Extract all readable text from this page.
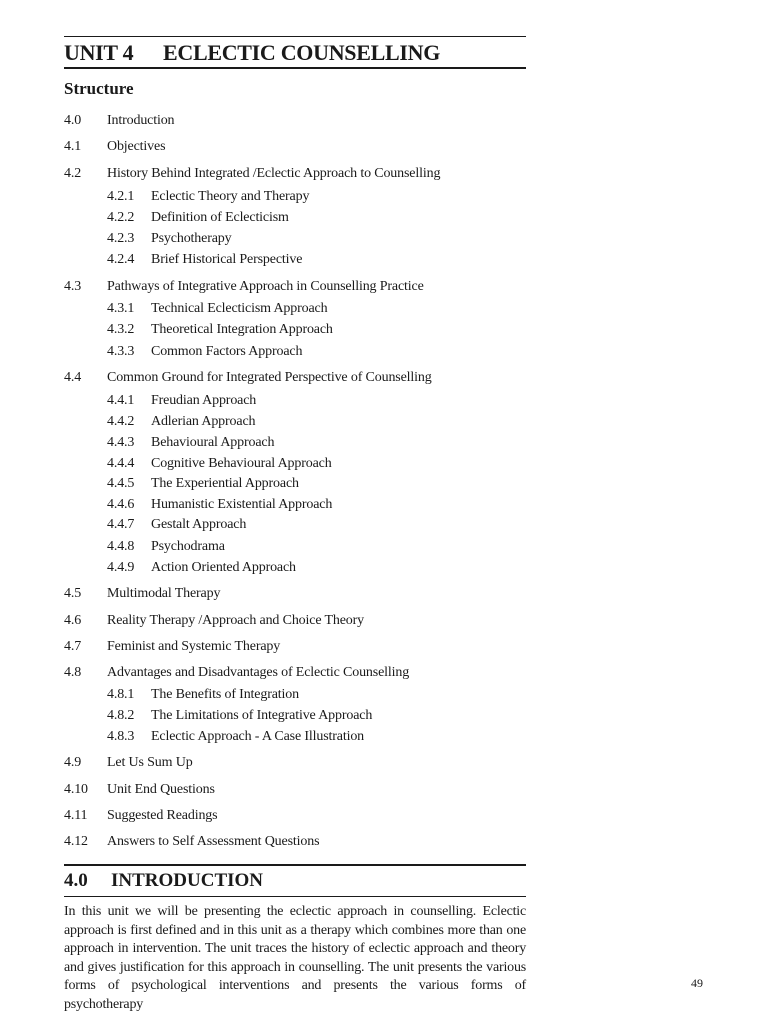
UNIT 4 ECLECTIC COUNSELLING
Structure
4.0 Introduction
4.1 Objectives
4.2 History Behind Integrated /Eclectic Approach to Counselling
4.2.1 Eclectic Theory and Therapy
4.2.2 Definition of Eclecticism
4.2.3 Psychotherapy
4.2.4 Brief Historical Perspective
4.3 Pathways of Integrative Approach in Counselling Practice
4.3.1 Technical Eclecticism Approach
4.3.2 Theoretical Integration Approach
4.3.3 Common Factors Approach
4.4 Common Ground for Integrated Perspective of Counselling
4.4.1 Freudian Approach
4.4.2 Adlerian Approach
4.4.3 Behavioural Approach
4.4.4 Cognitive Behavioural Approach
4.4.5 The Experiential Approach
4.4.6 Humanistic Existential Approach
4.4.7 Gestalt Approach
4.4.8 Psychodrama
4.4.9 Action Oriented Approach
4.5 Multimodal Therapy
4.6 Reality Therapy /Approach and Choice Theory
4.7 Feminist and Systemic Therapy
4.8 Advantages and Disadvantages of Eclectic Counselling
4.8.1 The Benefits of Integration
4.8.2 The Limitations of Integrative Approach
4.8.3 Eclectic Approach - A Case Illustration
4.9 Let Us Sum Up
4.10 Unit End Questions
4.11 Suggested Readings
4.12 Answers to Self Assessment Questions
4.0 INTRODUCTION
In this unit we will be presenting the eclectic approach in counselling. Eclectic approach is first defined and in this unit as a therapy which combines more than one approach in intervention. The unit traces the history of eclectic approach and theory and gives justification for this approach in counselling. The unit presents the various forms of psychological interventions and presents the various forms of psychotherapy
49
